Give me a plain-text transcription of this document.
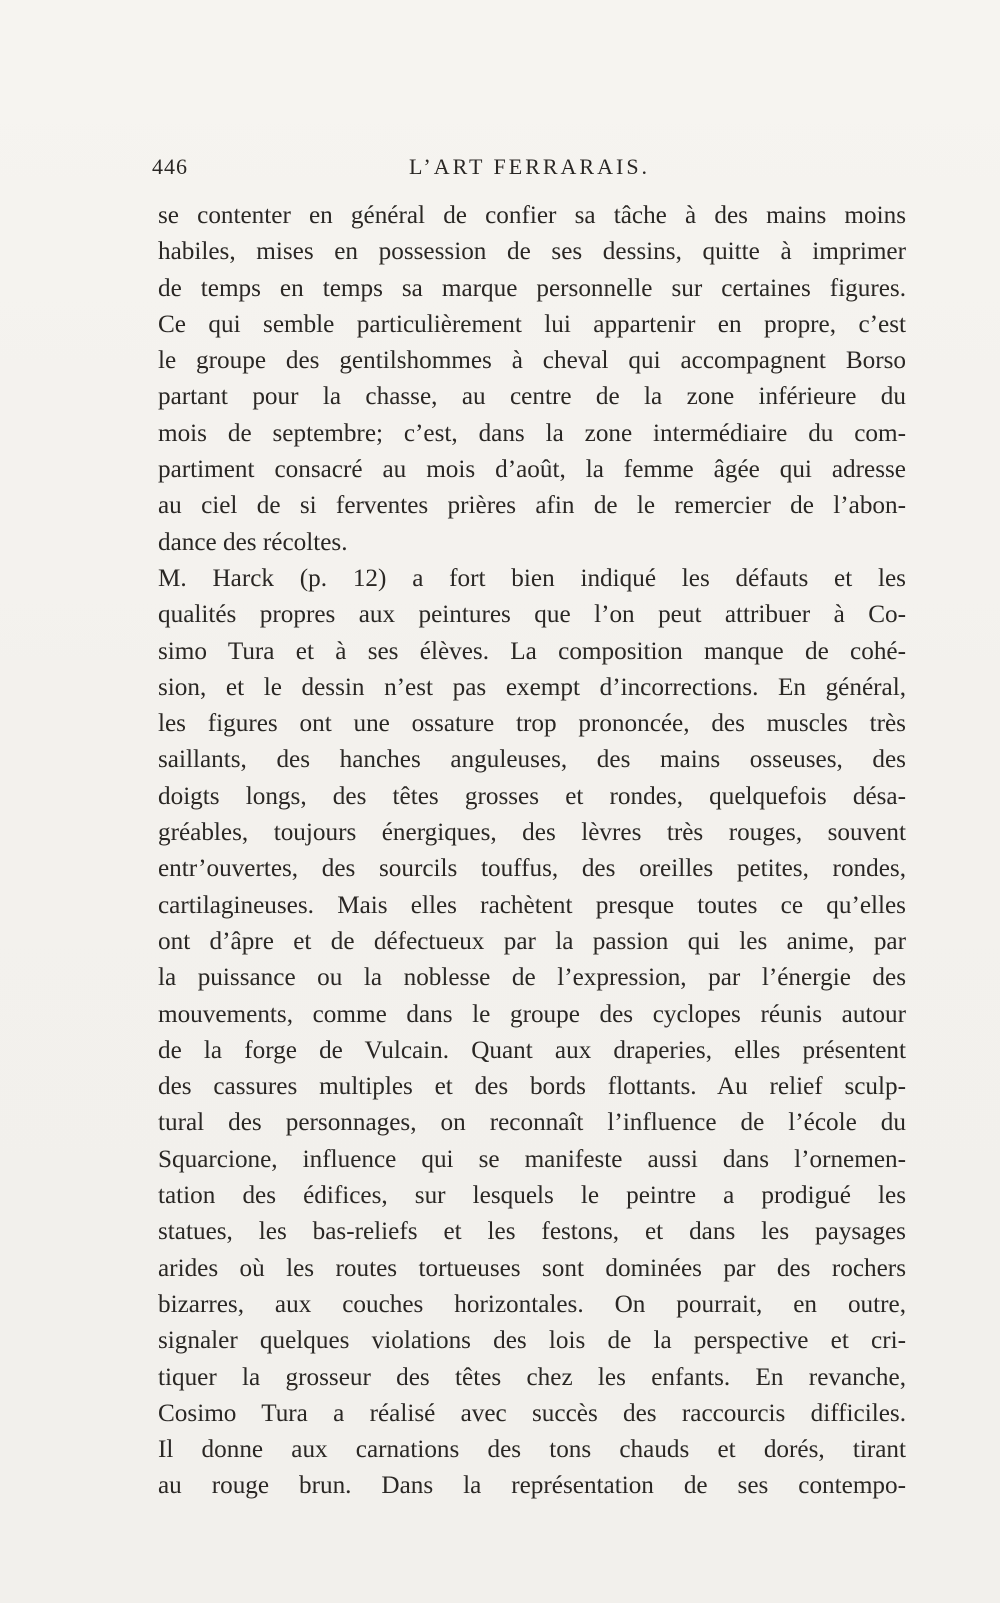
446	L’ART FERRARAIS.
se contenter en général de confier sa tâche à des mains moins
habiles, mises en possession de ses dessins, quitte à imprimer
de temps en temps sa marque personnelle sur certaines figures.
Ce qui semble particulièrement lui appartenir en propre, c’est
le groupe des gentilshommes à cheval qui accompagnent Borso
partant pour la chasse, au centre de la zone inférieure du
mois de septembre; c’est, dans la zone intermédiaire du com-
partiment consacré au mois d’août, la femme âgée qui adresse
au ciel de si ferventes prières afin de le remercier de l’abon-
dance des récoltes.
M. Harck (p. 12) a fort bien indiqué les défauts et les
qualités propres aux peintures que l’on peut attribuer à Co-
simo Tura et à ses élèves. La composition manque de cohé-
sion, et le dessin n’est pas exempt d’incorrections. En général,
les figures ont une ossature trop prononcée, des muscles très
saillants, des hanches anguleuses, des mains osseuses, des
doigts longs, des têtes grosses et rondes, quelquefois désa-
gréables, toujours énergiques, des lèvres très rouges, souvent
entr’ouvertes, des sourcils touffus, des oreilles petites, rondes,
cartilagineuses. Mais elles rachètent presque toutes ce qu’elles
ont d’âpre et de défectueux par la passion qui les anime, par
la puissance ou la noblesse de l’expression, par l’énergie des
mouvements, comme dans le groupe des cyclopes réunis autour
de la forge de Vulcain. Quant aux draperies, elles présentent
des cassures multiples et des bords flottants. Au relief sculp-
tural des personnages, on reconnaît l’influence de l’école du
Squarcione, influence qui se manifeste aussi dans l’ornemen-
tation des édifices, sur lesquels le peintre a prodigué les
statues, les bas-reliefs et les festons, et dans les paysages
arides où les routes tortueuses sont dominées par des rochers
bizarres, aux couches horizontales. On pourrait, en outre,
signaler quelques violations des lois de la perspective et cri-
tiquer la grosseur des têtes chez les enfants. En revanche,
Cosimo Tura a réalisé avec succès des raccourcis difficiles.
Il donne aux carnations des tons chauds et dorés, tirant
au rouge brun. Dans la représentation de ses contempo-
